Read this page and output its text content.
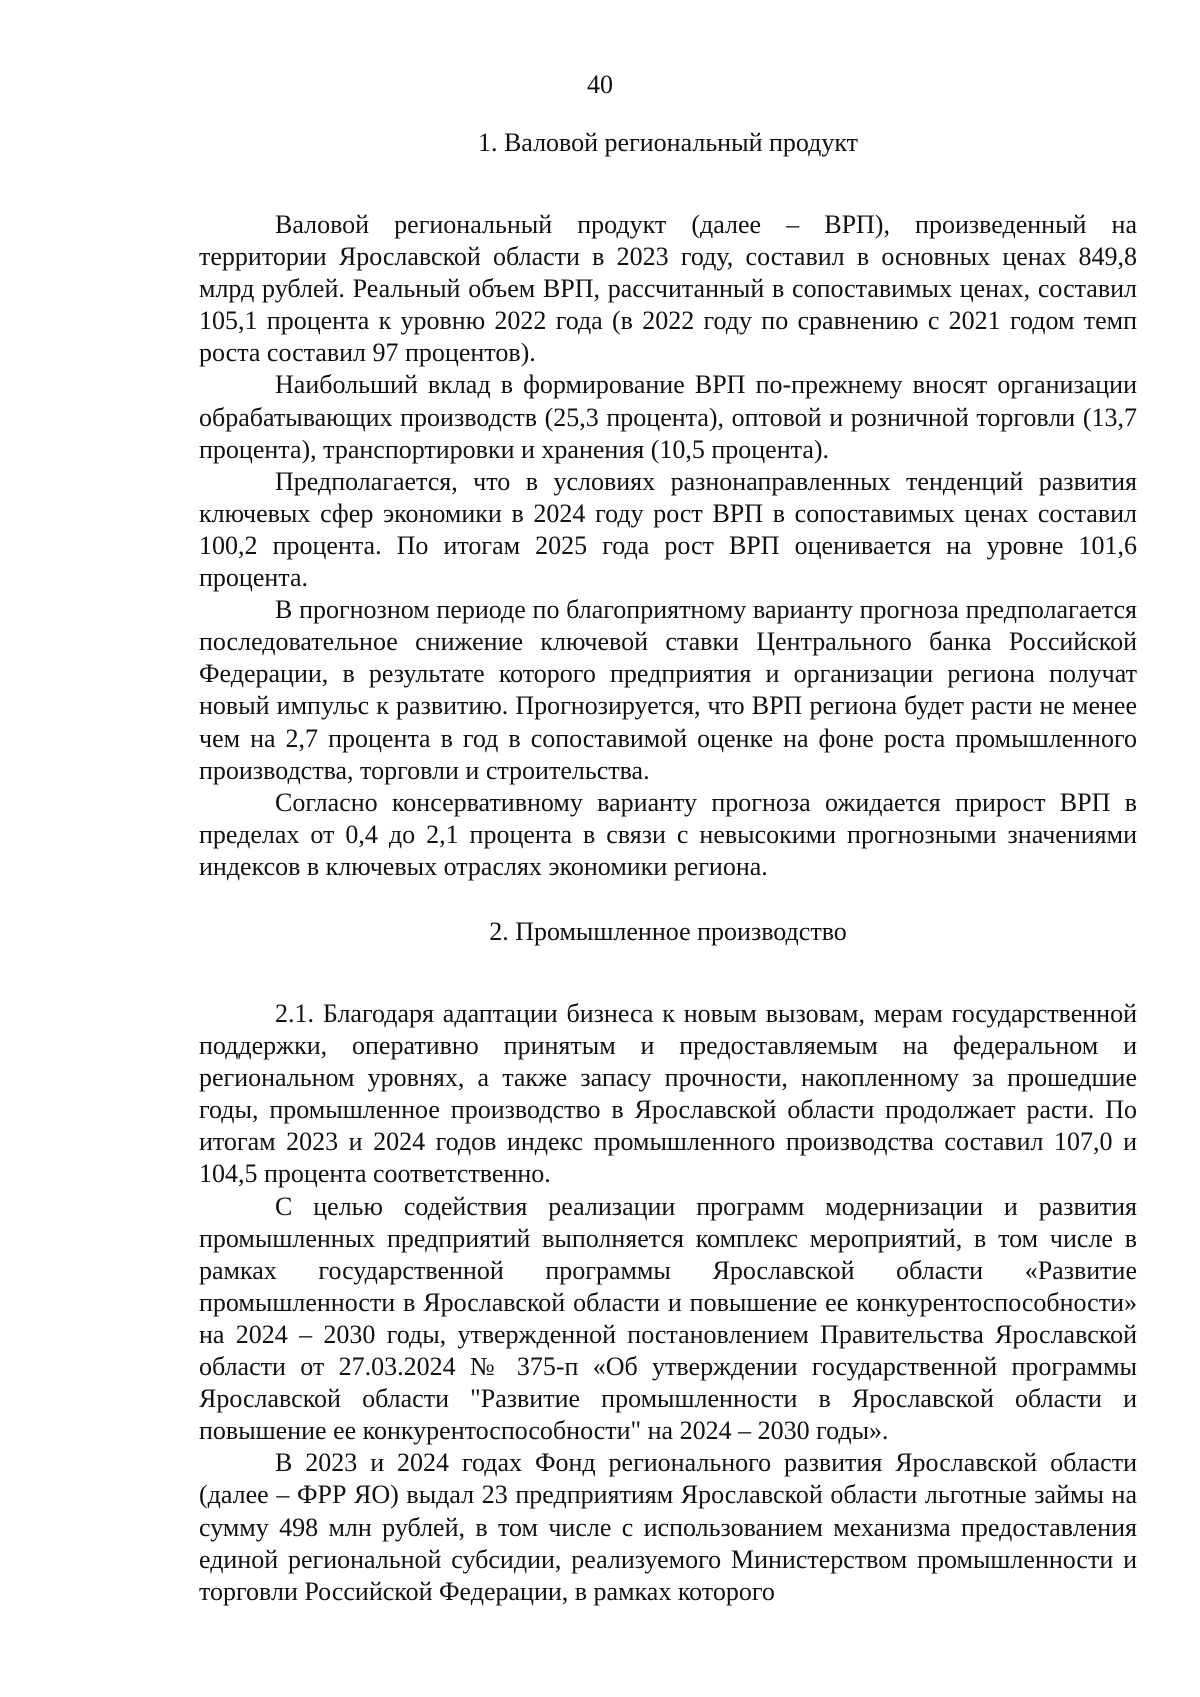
40
1. Валовой региональный продукт

Валовой региональный продукт (далее – ВРП), произведенный на территории Ярославской области в 2023 году, составил в основных ценах 849,8 млрд рублей. Реальный объем ВРП, рассчитанный в сопоставимых ценах, составил 105,1 процента к уровню 2022 года (в 2022 году по сравнению с 2021 годом темп роста составил 97 процентов).

Наибольший вклад в формирование ВРП по-прежнему вносят организации обрабатывающих производств (25,3 процента), оптовой и розничной торговли (13,7 процента), транспортировки и хранения (10,5 процента).

Предполагается, что в условиях разнонаправленных тенденций развития ключевых сфер экономики в 2024 году рост ВРП в сопоставимых ценах составил 100,2 процента. По итогам 2025 года рост ВРП оценивается на уровне 101,6 процента.

В прогнозном периоде по благоприятному варианту прогноза предполагается последовательное снижение ключевой ставки Центрального банка Российской Федерации, в результате которого предприятия и организации региона получат новый импульс к развитию. Прогнозируется, что ВРП региона будет расти не менее чем на 2,7 процента в год в сопоставимой оценке на фоне роста промышленного производства, торговли и строительства.

Согласно консервативному варианту прогноза ожидается прирост ВРП в пределах от 0,4 до 2,1 процента в связи с невысокими прогнозными значениями индексов в ключевых отраслях экономики региона.

2. Промышленное производство

2.1. Благодаря адаптации бизнеса к новым вызовам, мерам государственной поддержки, оперативно принятым и предоставляемым на федеральном и региональном уровнях, а также запасу прочности, накопленному за прошедшие годы, промышленное производство в Ярославской области продолжает расти. По итогам 2023 и 2024 годов индекс промышленного производства составил 107,0 и 104,5 процента соответственно.

С целью содействия реализации программ модернизации и развития промышленных предприятий выполняется комплекс мероприятий, в том числе в рамках государственной программы Ярославской области «Развитие промышленности в Ярославской области и повышение ее конкурентоспособности» на 2024 – 2030 годы, утвержденной постановлением Правительства Ярославской области от 27.03.2024 № 375-п «Об утверждении государственной программы Ярославской области "Развитие промышленности в Ярославской области и повышение ее конкурентоспособности" на 2024 – 2030 годы».

В 2023 и 2024 годах Фонд регионального развития Ярославской области (далее – ФРР ЯО) выдал 23 предприятиям Ярославской области льготные займы на сумму 498 млн рублей, в том числе с использованием механизма предоставления единой региональной субсидии, реализуемого Министерством промышленности и торговли Российской Федерации, в рамках которого
